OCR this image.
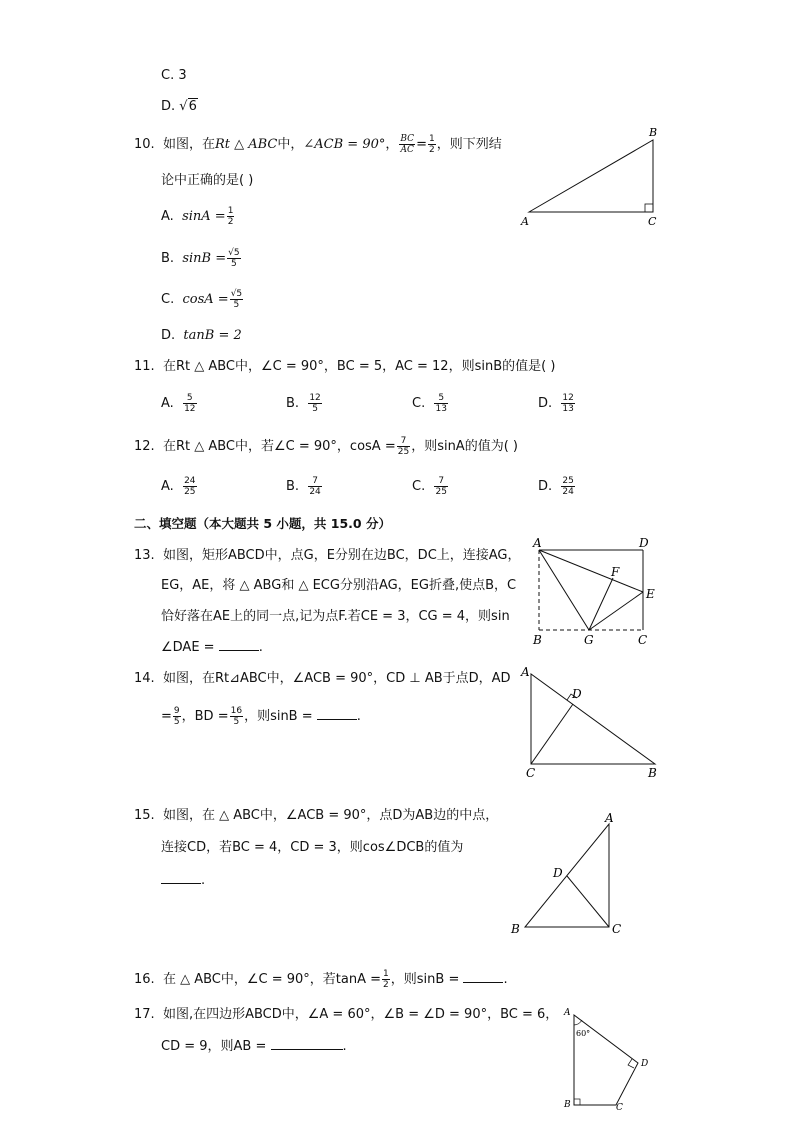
C. 3
D. √6
10. 如图，在Rt △ ABC中，∠ACB = 90°， $\frac{BC}{AC} = \frac{1}{2}$ ，则下列结
论中正确的是( )
A. $\sin A = \frac{1}{2}$
B. $\sin B = \frac{√5}{5}$
C. $\cos A = \frac{√5}{5}$
D. tanB = 2
B
A	C
11. 在Rt △ ABC中，∠C = 90°，BC = 5，AC = 12，则sinB的值是( )
A. $\frac{5}{12}$	B. $\frac{12}{5}$	C. $\frac{5}{13}$	D. $\frac{12}{13}$
12. 在Rt △ ABC中，若∠C = 90°，$\cos A = \frac{7}{25}$ ，则sinA的值为( )
A. $\frac{24}{25}$	B. $\frac{7}{24}$	C. $\frac{7}{25}$	D. $\frac{25}{24}$
二、填空题（本大题共 5 小题，共 15.0 分）
13. 如图，矩形ABCD中，点G，E分别在边BC，DC上，连接AG，
EG，AE，将 △ ABG和 △ ECG分别沿AG，EG折叠,使点B，C
恰好落在AE上的同一点,记为点F.若CE = 3，CG = 4，则sin
∠DAE =	.
A	D
E
F
B	G	C
14. 如图，在Rt⊿ABC中，∠ACB = 90°，CD ⊥ AB于点D，AD
= $\frac{9}{5}$ ，BD = $\frac{16}{5}$ ，则sinB =	.
A
D
C	B
15. 如图，在 △ ABC中，∠ACB = 90°，点D为AB边的中点，
连接CD，若BC = 4，CD = 3，则cos∠DCB的值为
.
A
D
B	C
16. 在 △ ABC中，∠C = 90°，若$\tan A = \frac{1}{2}$ ，则sinB =	.
17. 如图,在四边形ABCD中，∠A = 60°，∠B = ∠D = 90°，BC = 6，
CD = 9，则AB =	.
A
60°
D
B	C
